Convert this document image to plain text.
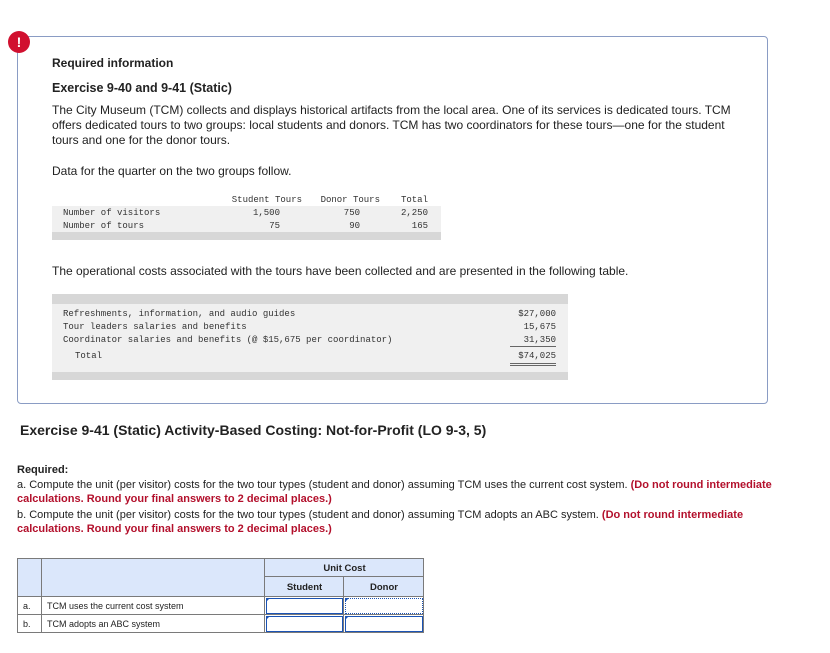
!
Required information
Exercise 9-40 and 9-41 (Static)
The City Museum (TCM) collects and displays historical artifacts from the local area. One of its services is dedicated tours. TCM offers dedicated tours to two groups: local students and donors. TCM has two coordinators for these tours—one for the student tours and one for the donor tours.
Data for the quarter on the two groups follow.
Student Tours	Donor Tours	Total
Number of visitors	1,500	750	2,250
Number of tours	75	90	165
The operational costs associated with the tours have been collected and are presented in the following table.
Refreshments, information, and audio guides	$27,000
Tour leaders salaries and benefits	15,675
Coordinator salaries and benefits (@ $15,675 per coordinator)	31,350
Total	$74,025
Exercise 9-41 (Static) Activity-Based Costing: Not-for-Profit (LO 9-3, 5)
Required:
a. Compute the unit (per visitor) costs for the two tour types (student and donor) assuming TCM uses the current cost system. (Do not round intermediate calculations. Round your final answers to 2 decimal places.)
b. Compute the unit (per visitor) costs for the two tour types (student and donor) assuming TCM adopts an ABC system. (Do not round intermediate calculations. Round your final answers to 2 decimal places.)
Unit Cost
Student	Donor
a. TCM uses the current cost system
b. TCM adopts an ABC system
